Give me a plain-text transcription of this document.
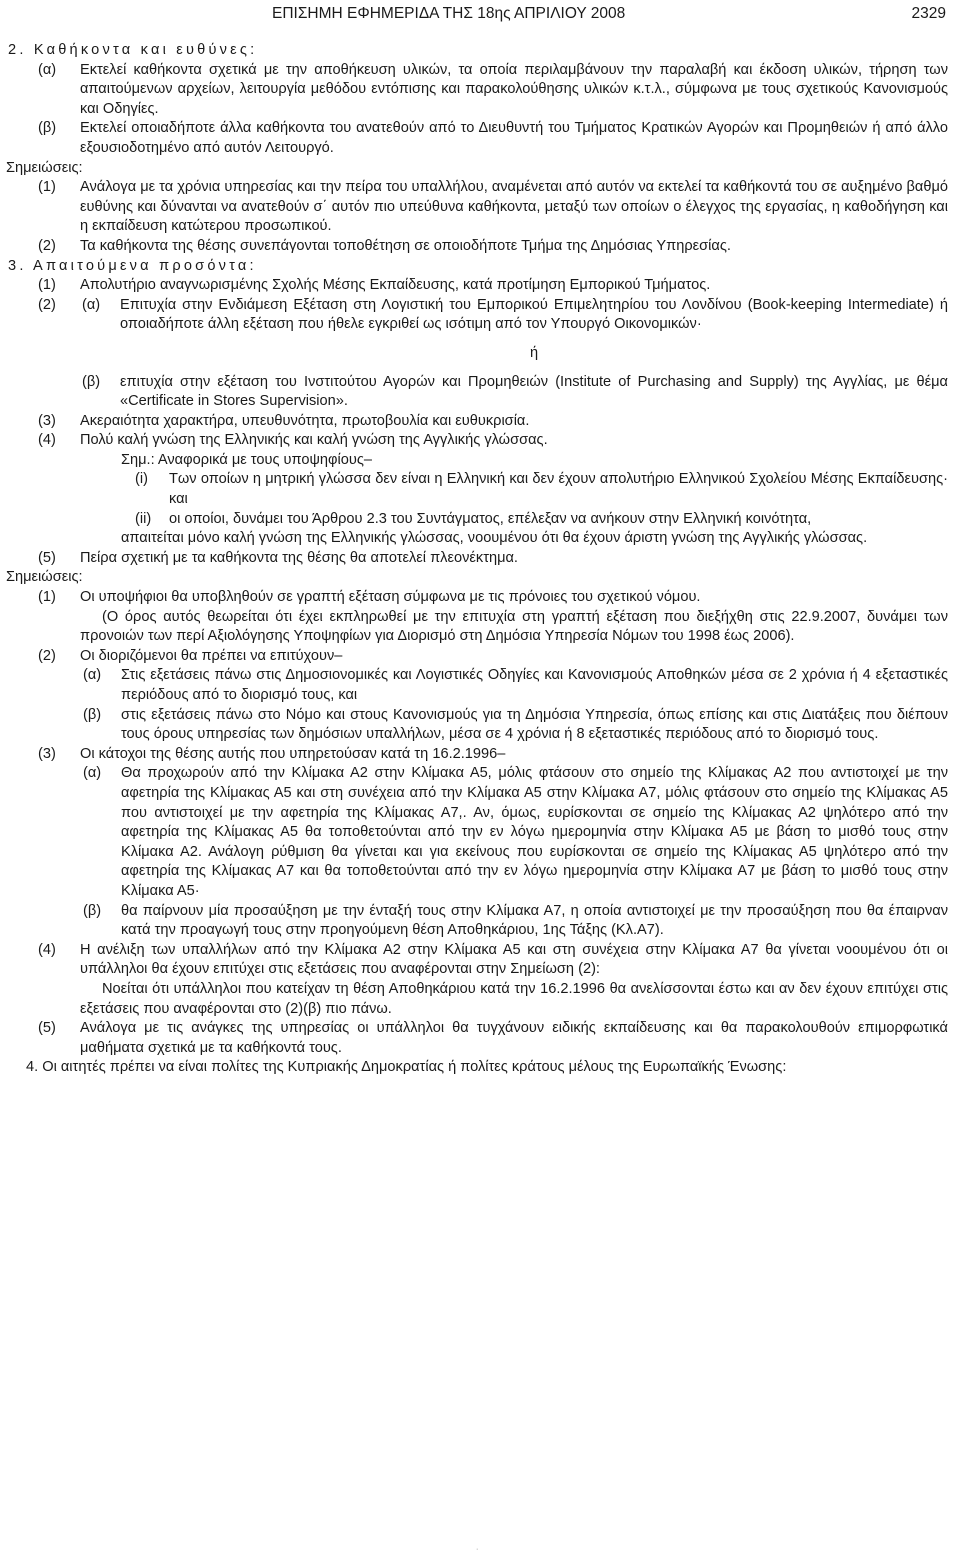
ΕΠΙΣΗΜΗ ΕΦΗΜΕΡΙΔΑ ΤΗΣ 18ης ΑΠΡΙΛΙΟΥ 2008	2329
2. Καθήκοντα και ευθύνες:
(α) Εκτελεί καθήκοντα σχετικά με την αποθήκευση υλικών, τα οποία περιλαμβάνουν την παραλαβή και έκδοση υλικών, τήρηση των απαιτούμενων αρχείων, λειτουργία μεθόδου εντόπισης και παρακολούθησης υλικών κ.τ.λ., σύμφωνα με τους σχετικούς Κανονισμούς και Οδηγίες.
(β) Εκτελεί οποιαδήποτε άλλα καθήκοντα του ανατεθούν από το Διευθυντή του Τμήματος Κρατικών Αγορών και Προμηθειών ή από άλλο εξουσιοδοτημένο από αυτόν Λειτουργό.
Σημειώσεις:
(1) Ανάλογα με τα χρόνια υπηρεσίας και την πείρα του υπαλλήλου, αναμένεται από αυτόν να εκτελεί τα καθήκοντά του σε αυξημένο βαθμό ευθύνης και δύνανται να ανατεθούν σ΄ αυτόν πιο υπεύθυνα καθήκοντα, μεταξύ των οποίων ο έλεγχος της εργασίας, η καθοδήγηση και η εκπαίδευση κατώτερου προσωπικού.
(2) Τα καθήκοντα της θέσης συνεπάγονται τοποθέτηση σε οποιοδήποτε Τμήμα της Δημόσιας Υπηρεσίας.
3. Απαιτούμενα προσόντα:
(1) Απολυτήριο αναγνωρισμένης Σχολής Μέσης Εκπαίδευσης, κατά προτίμηση Εμπορικού Τμήματος.
(2) (α) Επιτυχία στην Ενδιάμεση Εξέταση στη Λογιστική του Εμπορικού Επιμελητηρίου του Λονδίνου (Book-keeping Intermediate) ή οποιαδήποτε άλλη εξέταση που ήθελε εγκριθεί ως ισότιμη από τον Υπουργό Οικονομικών·
ή
(β) επιτυχία στην εξέταση του Ινστιτούτου Αγορών και Προμηθειών (Institute of Purchasing and Supply) της Αγγλίας, με θέμα «Certificate in Stores Supervision».
(3) Ακεραιότητα χαρακτήρα, υπευθυνότητα, πρωτοβουλία και ευθυκρισία.
(4) Πολύ καλή γνώση της Ελληνικής και καλή γνώση της Αγγλικής γλώσσας.
Σημ.: Αναφορικά με τους υποψηφίους–
(i) Των οποίων η μητρική γλώσσα δεν είναι η Ελληνική και δεν έχουν απολυτήριο Ελληνικού Σχολείου Μέσης Εκπαίδευσης· και
(ii) οι οποίοι, δυνάμει του Άρθρου 2.3 του Συντάγματος, επέλεξαν να ανήκουν στην Ελληνική κοινότητα,
απαιτείται μόνο καλή γνώση της Ελληνικής γλώσσας, νοουμένου ότι θα έχουν άριστη γνώση της Αγγλικής γλώσσας.
(5) Πείρα σχετική με τα καθήκοντα της θέσης θα αποτελεί πλεονέκτημα.
Σημειώσεις:
(1) Οι υποψήφιοι θα υποβληθούν σε γραπτή εξέταση σύμφωνα με τις πρόνοιες του σχετικού νόμου.
(Ο όρος αυτός θεωρείται ότι έχει εκπληρωθεί με την επιτυχία στη γραπτή εξέταση που διεξήχθη στις 22.9.2007, δυνάμει των προνοιών των περί Αξιολόγησης Υποψηφίων για Διορισμό στη Δημόσια Υπηρεσία Νόμων του 1998 έως 2006).
(2) Οι διοριζόμενοι θα πρέπει να επιτύχουν–
(α) Στις εξετάσεις πάνω στις Δημοσιονομικές και Λογιστικές Οδηγίες και Κανονισμούς Αποθηκών μέσα σε 2 χρόνια ή 4 εξεταστικές περιόδους από το διορισμό τους, και
(β) στις εξετάσεις πάνω στο Νόμο και στους Κανονισμούς για τη Δημόσια Υπηρεσία, όπως επίσης και στις Διατάξεις που διέπουν τους όρους υπηρεσίας των δημόσιων υπαλλήλων, μέσα σε 4 χρόνια ή 8 εξεταστικές περιόδους από το διορισμό τους.
(3) Οι κάτοχοι της θέσης αυτής που υπηρετούσαν κατά τη 16.2.1996–
(α) Θα προχωρούν από την Κλίμακα Α2 στην Κλίμακα Α5, μόλις φτάσουν στο σημείο της Κλίμακας Α2 που αντιστοιχεί με την αφετηρία της Κλίμακας Α5 και στη συνέχεια από την Κλίμακα Α5 στην Κλίμακα Α7, μόλις φτάσουν στο σημείο της Κλίμακας Α5 που αντιστοιχεί με την αφετηρία της Κλίμακας Α7,. Αν, όμως, ευρίσκονται σε σημείο της Κλίμακας Α2 ψηλότερο από την αφετηρία της Κλίμακας Α5 θα τοποθετούνται από την εν λόγω ημερομηνία στην Κλίμακα Α5 με βάση το μισθό τους στην Κλίμακα Α2. Ανάλογη ρύθμιση θα γίνεται και για εκείνους που ευρίσκονται σε σημείο της Κλίμακας Α5 ψηλότερο από την αφετηρία της Κλίμακας Α7 και θα τοποθετούνται από την εν λόγω ημερομηνία στην Κλίμακα Α7 με βάση το μισθό τους στην Κλίμακα Α5·
(β) θα παίρνουν μία προσαύξηση με την ένταξή τους στην Κλίμακα Α7, η οποία αντιστοιχεί με την προσαύξηση που θα έπαιρναν κατά την προαγωγή τους στην προηγούμενη θέση Αποθηκάριου, 1ης Τάξης (Κλ.Α7).
(4) Η ανέλιξη των υπαλλήλων από την Κλίμακα Α2 στην Κλίμακα Α5 και στη συνέχεια στην Κλίμακα Α7 θα γίνεται νοουμένου ότι οι υπάλληλοι θα έχουν επιτύχει στις εξετάσεις που αναφέρονται στην Σημείωση (2):
Νοείται ότι υπάλληλοι που κατείχαν τη θέση Αποθηκάριου κατά την 16.2.1996 θα ανελίσσονται έστω και αν δεν έχουν επιτύχει στις εξετάσεις που αναφέρονται στο (2)(β) πιο πάνω.
(5) Ανάλογα με τις ανάγκες της υπηρεσίας οι υπάλληλοι θα τυγχάνουν ειδικής εκπαίδευσης και θα παρακολουθούν επιμορφωτικά μαθήματα σχετικά με τα καθήκοντά τους.
4. Οι αιτητές πρέπει να είναι πολίτες της Κυπριακής Δημοκρατίας ή πολίτες κράτους μέλους της Ευρωπαϊκής Ένωσης:
·
